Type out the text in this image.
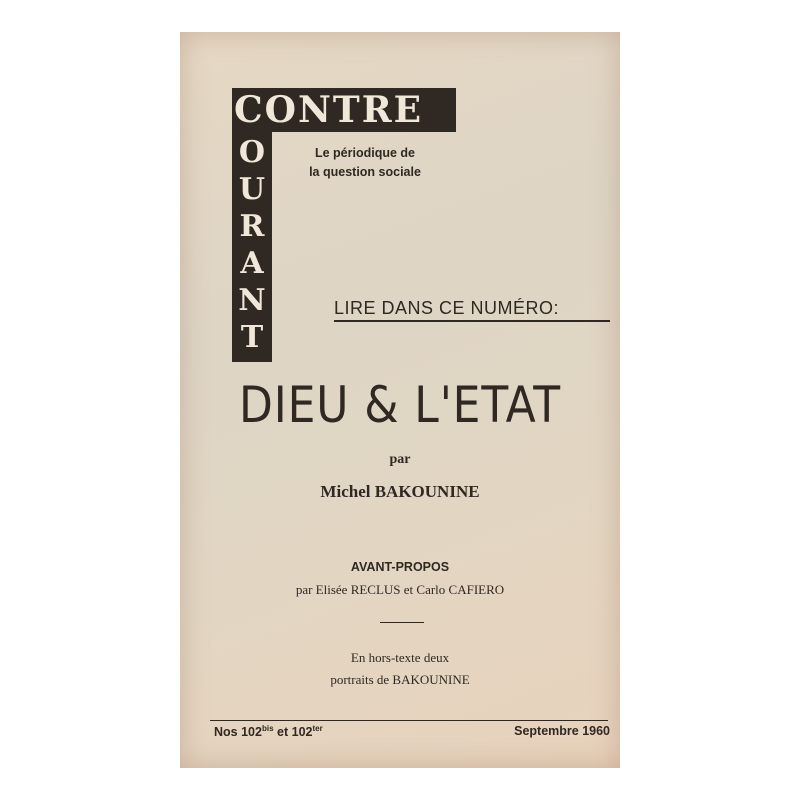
CONTRE
O
U
R
A
N
T
Le périodique de
la question sociale
LIRE DANS CE NUMÉRO:
DIEU & L'ETAT
par
Michel BAKOUNINE
AVANT-PROPOS
par Elisée RECLUS et Carlo CAFIERO
En hors-texte deux
portraits de BAKOUNINE
Nos $102^{bis}$ et $102^{ter}$	Septembre 1960
